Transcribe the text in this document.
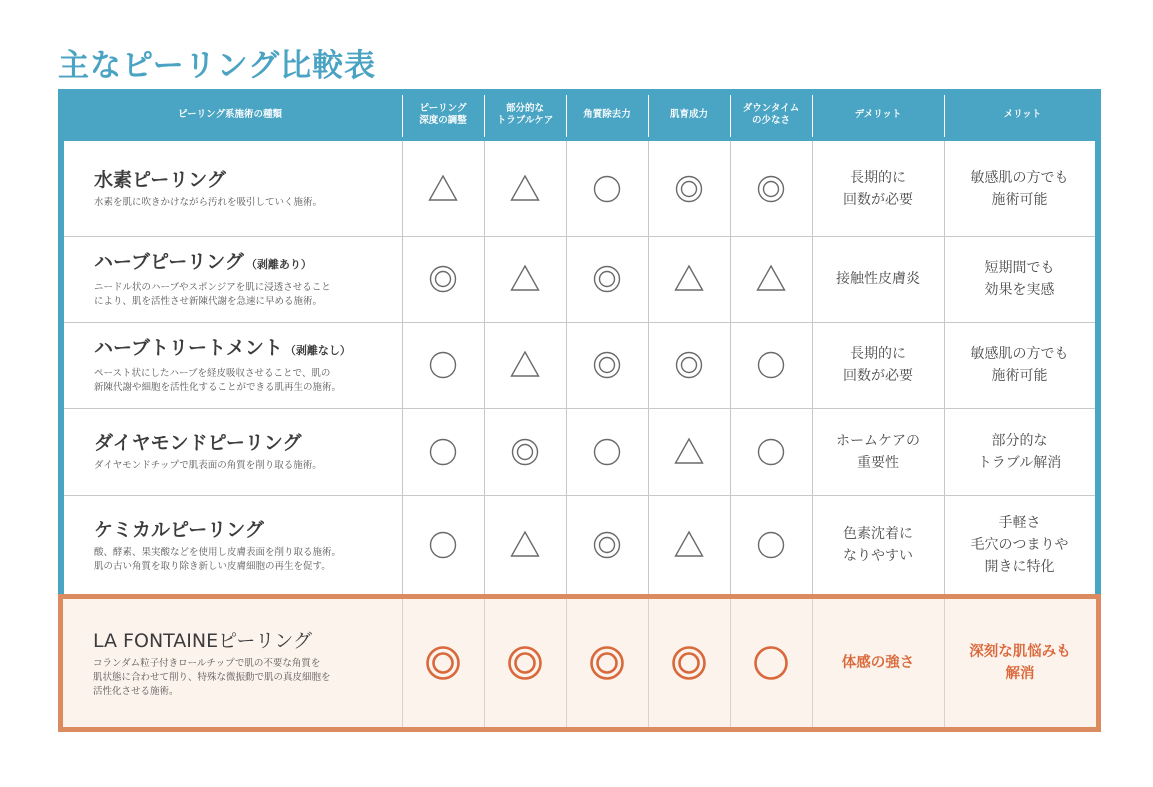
主なピーリング比較表
ピーリング系施術の種類
ピーリング
深度の調整
部分的な
トラブルケア
角質除去力	肌育成力
ダウンタイム
の少なさ
デメリット	メリット
水素ピーリング
水素を肌に吹きかけながら汚れを吸引していく施術。
長期的に
回数が必要
敏感肌の方でも
施術可能
ハーブピーリング （剥離あり）
ニードル状のハーブやスポンジアを肌に浸透させること
により、肌を活性させ新陳代謝を急速に早める施術。
接触性皮膚炎
短期間でも
効果を実感
ハーブトリートメント （剥離なし）
ペースト状にしたハーブを経皮吸収させることで、肌の
新陳代謝や細胞を活性化することができる肌再生の施術。
長期的に
回数が必要
敏感肌の方でも
施術可能
ダイヤモンドピーリング
ダイヤモンドチップで肌表面の角質を削り取る施術。
ホームケアの
重要性
部分的な
トラブル解消
ケミカルピーリング
酸、酵素、果実酸などを使用し皮膚表面を削り取る施術。
肌の古い角質を取り除き新しい皮膚細胞の再生を促す。
色素沈着に
なりやすい
手軽さ
毛穴のつまりや
開きに特化
LA FONTAINEピーリング
コランダム粒子付きロールチップで肌の不要な角質を
肌状態に合わせて削り、特殊な微振動で肌の真皮細胞を
活性化させる施術。
体感の強さ
深刻な肌悩みも
解消
